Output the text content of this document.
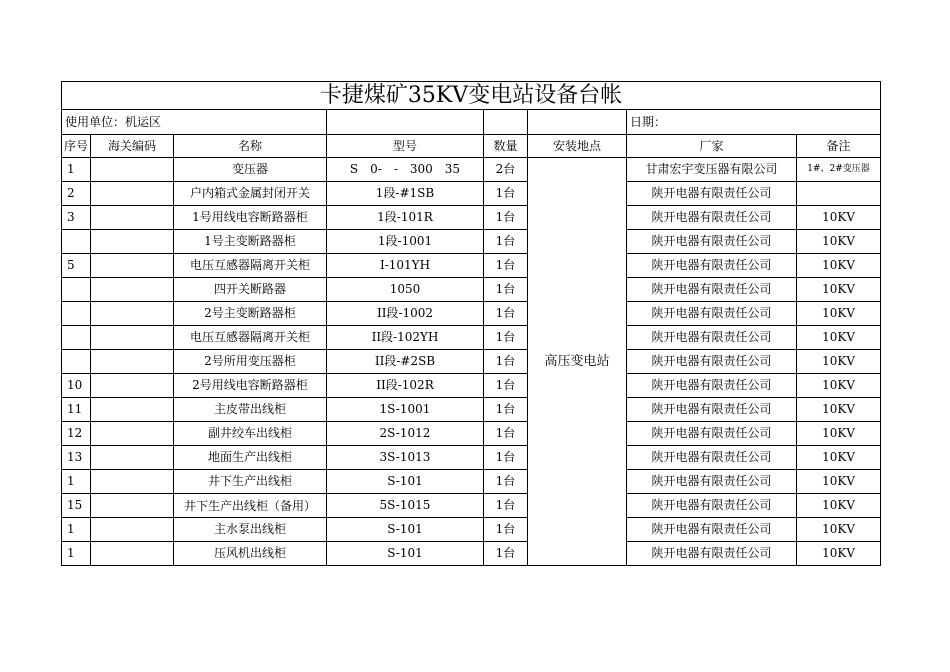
卡捷煤矿35KV变电站设备台帐							
使用单位：机运区						日期：	
序号	海关编码	名称	型号	数量	安装地点	厂家	备注
1		变压器	S　0-　-　300　35	2台	高压变电站	甘肃宏宇变压器有限公司	1#、2#变压器
2		户内箱式金属封闭开关	1段-#1SB	1台		陕开电器有限责任公司	
3		1号用线电容断路器柜	1段-101R	1台		陕开电器有限责任公司	10KV
		1号主变断路器柜	1段-1001	1台		陕开电器有限责任公司	10KV
5		电压互感器隔离开关柜	I-101YH	1台		陕开电器有限责任公司	10KV
		四开关断路器	1050	1台		陕开电器有限责任公司	10KV
		2号主变断路器柜	II段-1002	1台		陕开电器有限责任公司	10KV
		电压互感器隔离开关柜	II段-102YH	1台		陕开电器有限责任公司	10KV
		2号所用变压器柜	II段-#2SB	1台		陕开电器有限责任公司	10KV
10		2号用线电容断路器柜	II段-102R	1台		陕开电器有限责任公司	10KV
11		主皮带出线柜	1S-1001	1台		陕开电器有限责任公司	10KV
12		副井绞车出线柜	2S-1012	1台		陕开电器有限责任公司	10KV
13		地面生产出线柜	3S-1013	1台		陕开电器有限责任公司	10KV
1		井下生产出线柜	S-101	1台		陕开电器有限责任公司	10KV
15		井下生产出线柜（备用）	5S-1015	1台		陕开电器有限责任公司	10KV
1		主水泵出线柜	S-101	1台		陕开电器有限责任公司	10KV
1		压风机出线柜	S-101	1台		陕开电器有限责任公司	10KV
